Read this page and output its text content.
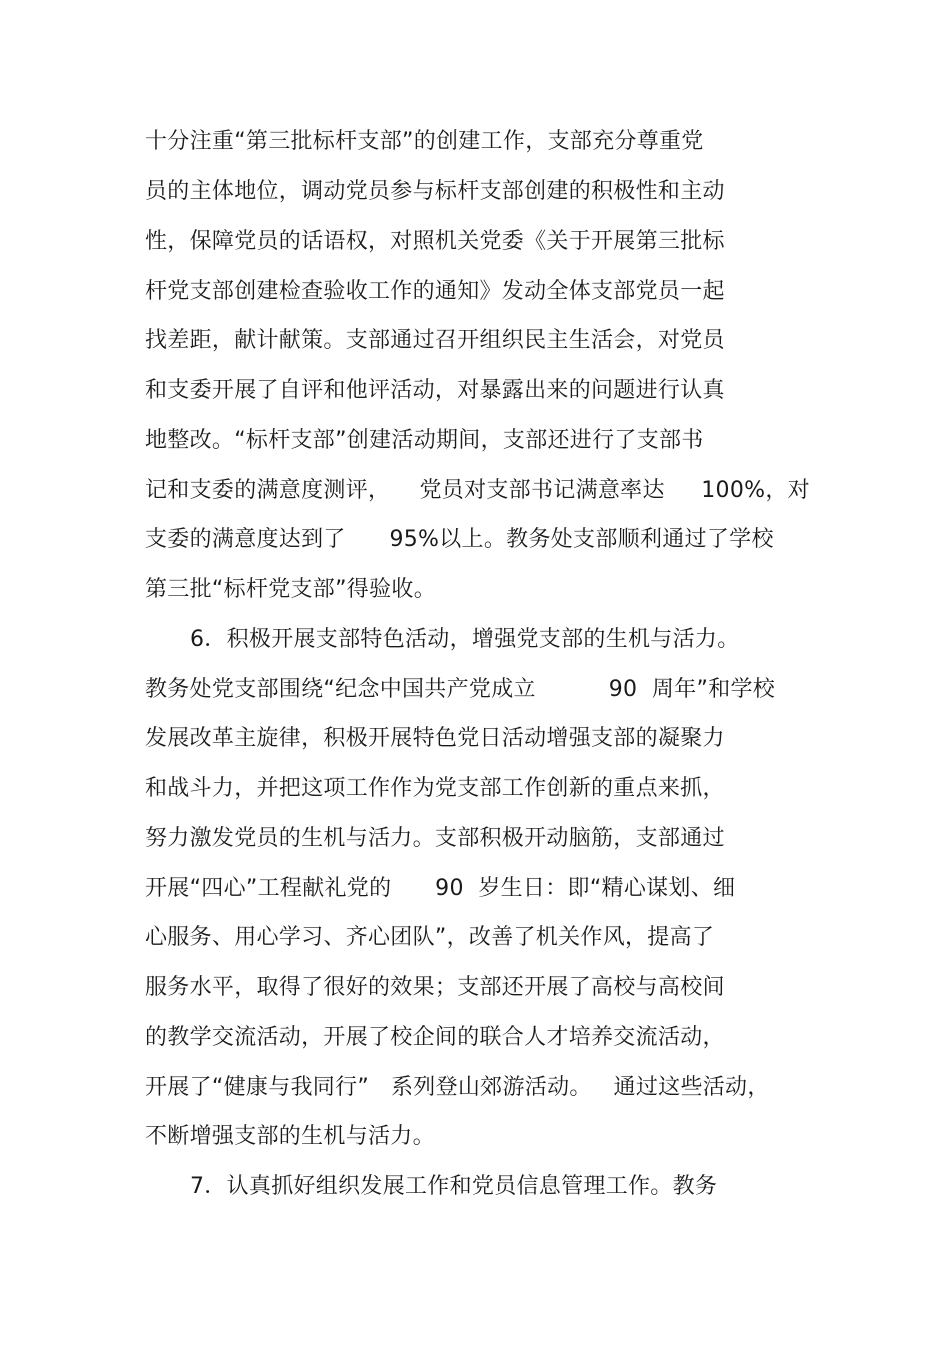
十分注重“第三批标杆支部”的创建工作，支部充分尊重党
员的主体地位，调动党员参与标杆支部创建的积极性和主动
性，保障党员的话语权，对照机关党委《关于开展第三批标
杆党支部创建检查验收工作的通知》发动全体支部党员一起
找差距，献计献策。支部通过召开组织民主生活会，对党员
和支委开展了自评和他评活动，对暴露出来的问题进行认真
地整改。“标杆支部”创建活动期间，支部还进行了支部书
记和支委的满意度测评，    党员对支部书记满意率达     100%，对
支委的满意度达到了      95%以上。教务处支部顺利通过了学校
第三批“标杆党支部”得验收。
6．积极开展支部特色活动，增强党支部的生机与活力。
教务处党支部围绕“纪念中国共产党成立          90  周年”和学校
发展改革主旋律，积极开展特色党日活动增强支部的凝聚力
和战斗力，并把这项工作作为党支部工作创新的重点来抓，
努力激发党员的生机与活力。支部积极开动脑筋，支部通过
开展“四心”工程献礼党的      90  岁生日：即“精心谋划、细
心服务、用心学习、齐心团队”，改善了机关作风，提高了
服务水平，取得了很好的效果；支部还开展了高校与高校间
的教学交流活动，开展了校企间的联合人才培养交流活动，
开展了“健康与我同行”   系列登山郊游活动。   通过这些活动，
不断增强支部的生机与活力。
7．认真抓好组织发展工作和党员信息管理工作。教务
